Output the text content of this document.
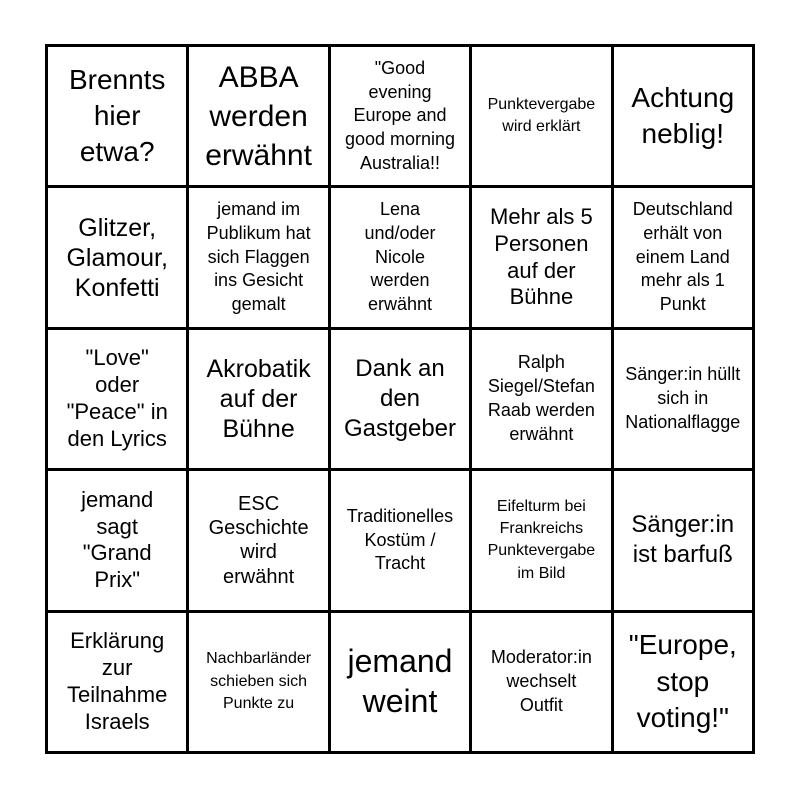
Brennts
hier
etwa?
ABBA
werden
erwähnt
"Good
evening
Europe and
good morning
Australia!!
Punktevergabe
wird erklärt
Achtung
neblig!
Glitzer,
Glamour,
Konfetti
jemand im
Publikum hat
sich Flaggen
ins Gesicht
gemalt
Lena
und/oder
Nicole
werden
erwähnt
Mehr als 5
Personen
auf der
Bühne
Deutschland
erhält von
einem Land
mehr als 1
Punkt
"Love"
oder
"Peace" in
den Lyrics
Akrobatik
auf der
Bühne
Dank an
den
Gastgeber
Ralph
Siegel/Stefan
Raab werden
erwähnt
Sänger:in hüllt
sich in
Nationalflagge
jemand
sagt
"Grand
Prix"
ESC
Geschichte
wird
erwähnt
Traditionelles
Kostüm /
Tracht
Eifelturm bei
Frankreichs
Punktevergabe
im Bild
Sänger:in
ist barfuß
Erklärung
zur
Teilnahme
Israels
Nachbarländer
schieben sich
Punkte zu
jemand
weint
Moderator:in
wechselt
Outfit
"Europe,
stop
voting!"
